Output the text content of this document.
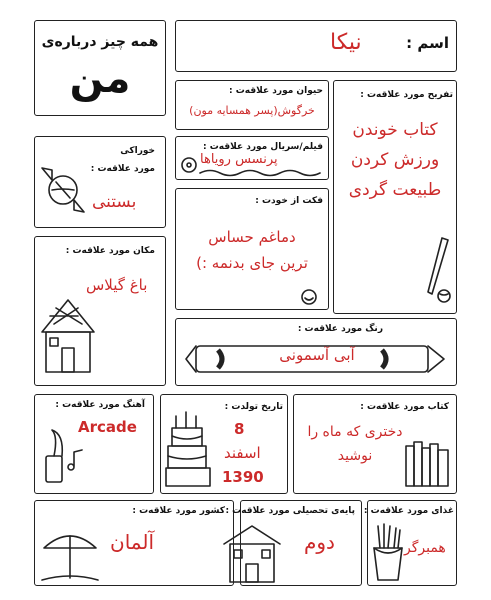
همه چیز درباره‌ی
من
اسم :
نیکا
حیوان مورد علاقه‌ت :
خرگوش(پسر همسایه مون)
تفریح مورد علاقه‌ت :
کتاب خوندن
ورزش کردن
طبیعت گردی
خوراکی
مورد علاقه‌ت :
بستنی
فیلم/سریال مورد علاقه‌ت :
پرنسس رویاها
فکت از خودت :
دماغم حساس
ترین جای بدنمه :)
مکان مورد علاقه‌ت :
باغ گیلاس
رنگ مورد علاقه‌ت :
آبی آسمونی
آهنگ مورد علاقه‌ت :
Arcade
تاریخ تولدت :
8
اسفند
1390
کتاب مورد علاقه‌ت :
دختری که ماه را
نوشید
کشور مورد علاقه‌ت :
آلمان
پایه‌ی تحصیلی مورد علاقه‌ت :
دوم
غذای مورد علاقه‌ت :
همبرگر
